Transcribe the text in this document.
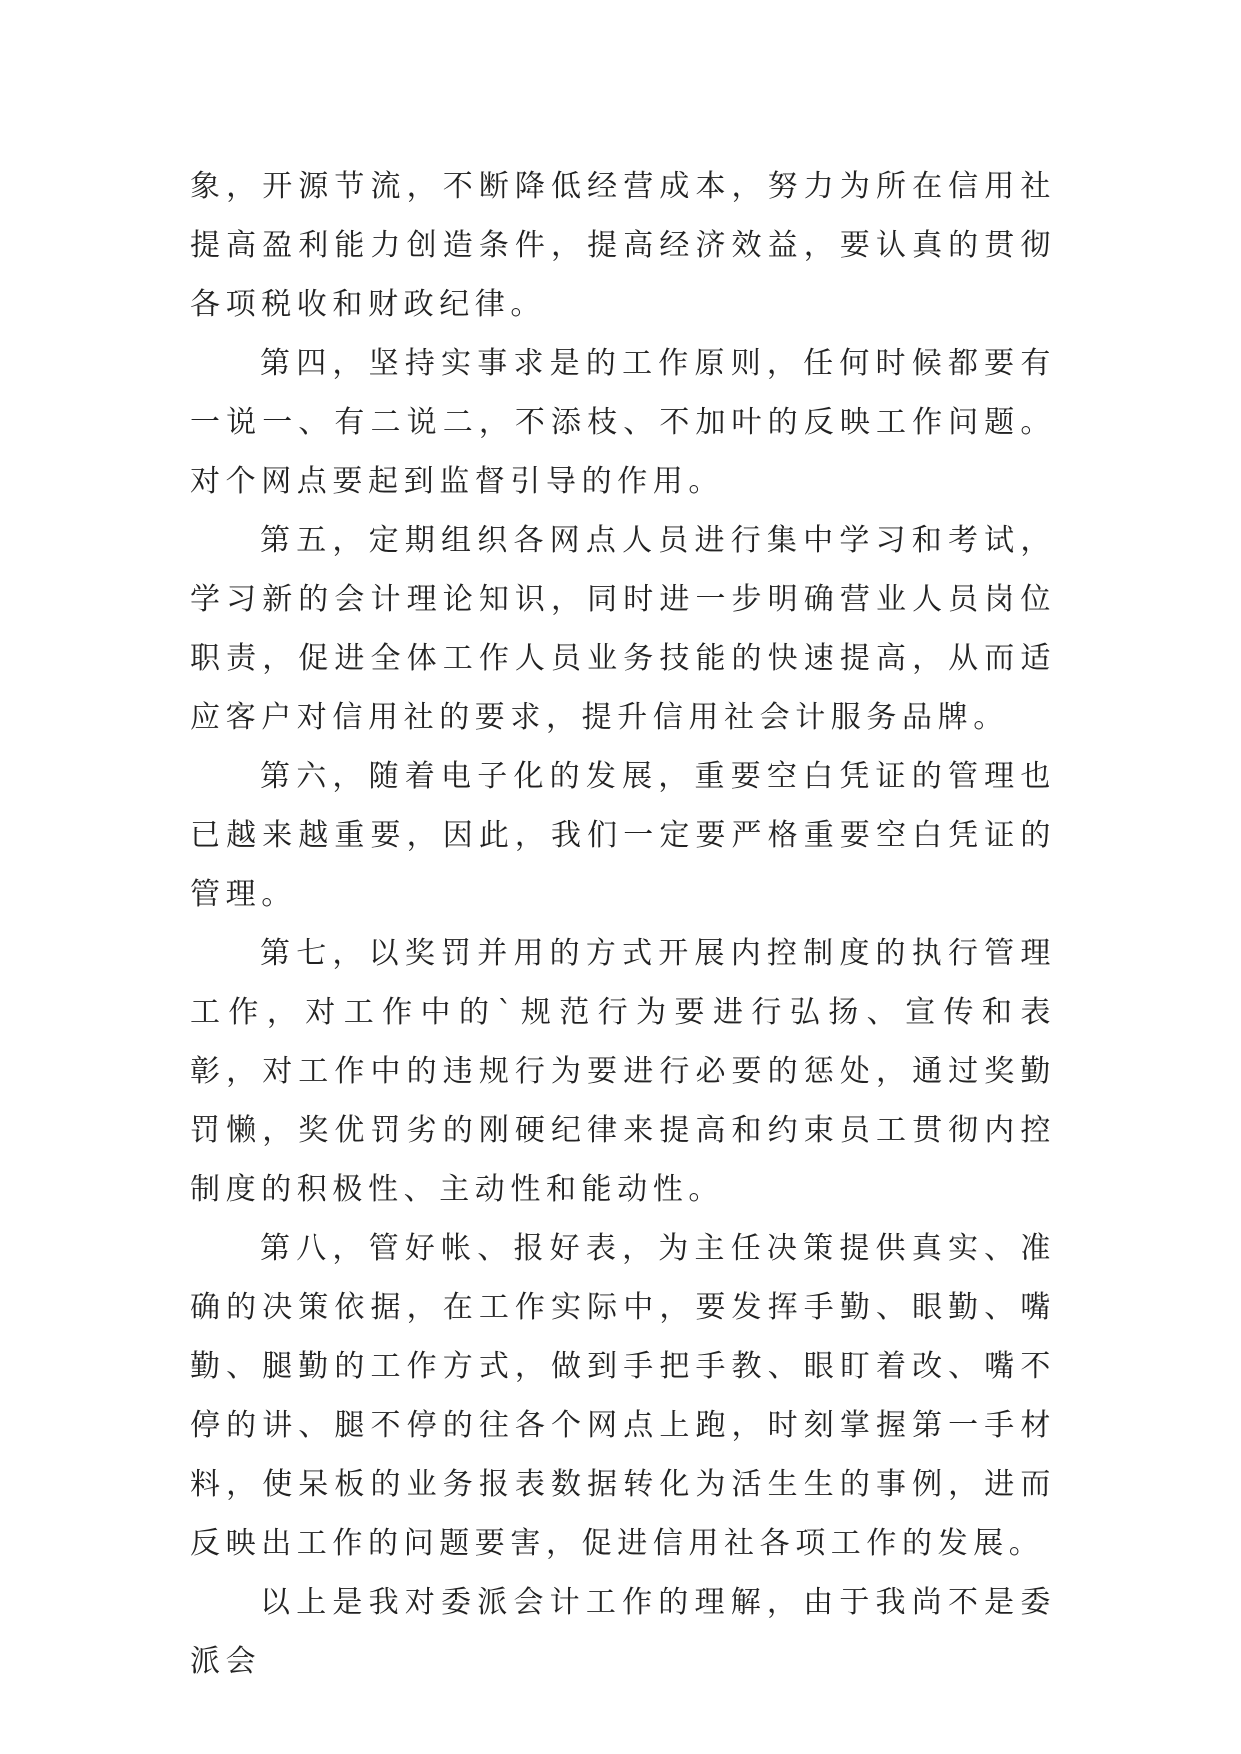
象，开源节流，不断降低经营成本，努力为所在信用社提高盈利能力创造条件，提高经济效益，要认真的贯彻各项税收和财政纪律。

第四，坚持实事求是的工作原则，任何时候都要有一说一、有二说二，不添枝、不加叶的反映工作问题。对个网点要起到监督引导的作用。

第五，定期组织各网点人员进行集中学习和考试，学习新的会计理论知识，同时进一步明确营业人员岗位职责，促进全体工作人员业务技能的快速提高，从而适应客户对信用社的要求，提升信用社会计服务品牌。

第六，随着电子化的发展，重要空白凭证的管理也已越来越重要，因此，我们一定要严格重要空白凭证的管理。

第七，以奖罚并用的方式开展内控制度的执行管理工作，对工作中的`规范行为要进行弘扬、宣传和表彰，对工作中的违规行为要进行必要的惩处，通过奖勤罚懒，奖优罚劣的刚硬纪律来提高和约束员工贯彻内控制度的积极性、主动性和能动性。

第八，管好帐、报好表，为主任决策提供真实、准确的决策依据，在工作实际中，要发挥手勤、眼勤、嘴勤、腿勤的工作方式，做到手把手教、眼盯着改、嘴不停的讲、腿不停的往各个网点上跑，时刻掌握第一手材料，使呆板的业务报表数据转化为活生生的事例，进而反映出工作的问题要害，促进信用社各项工作的发展。

以上是我对委派会计工作的理解，由于我尚不是委派会
